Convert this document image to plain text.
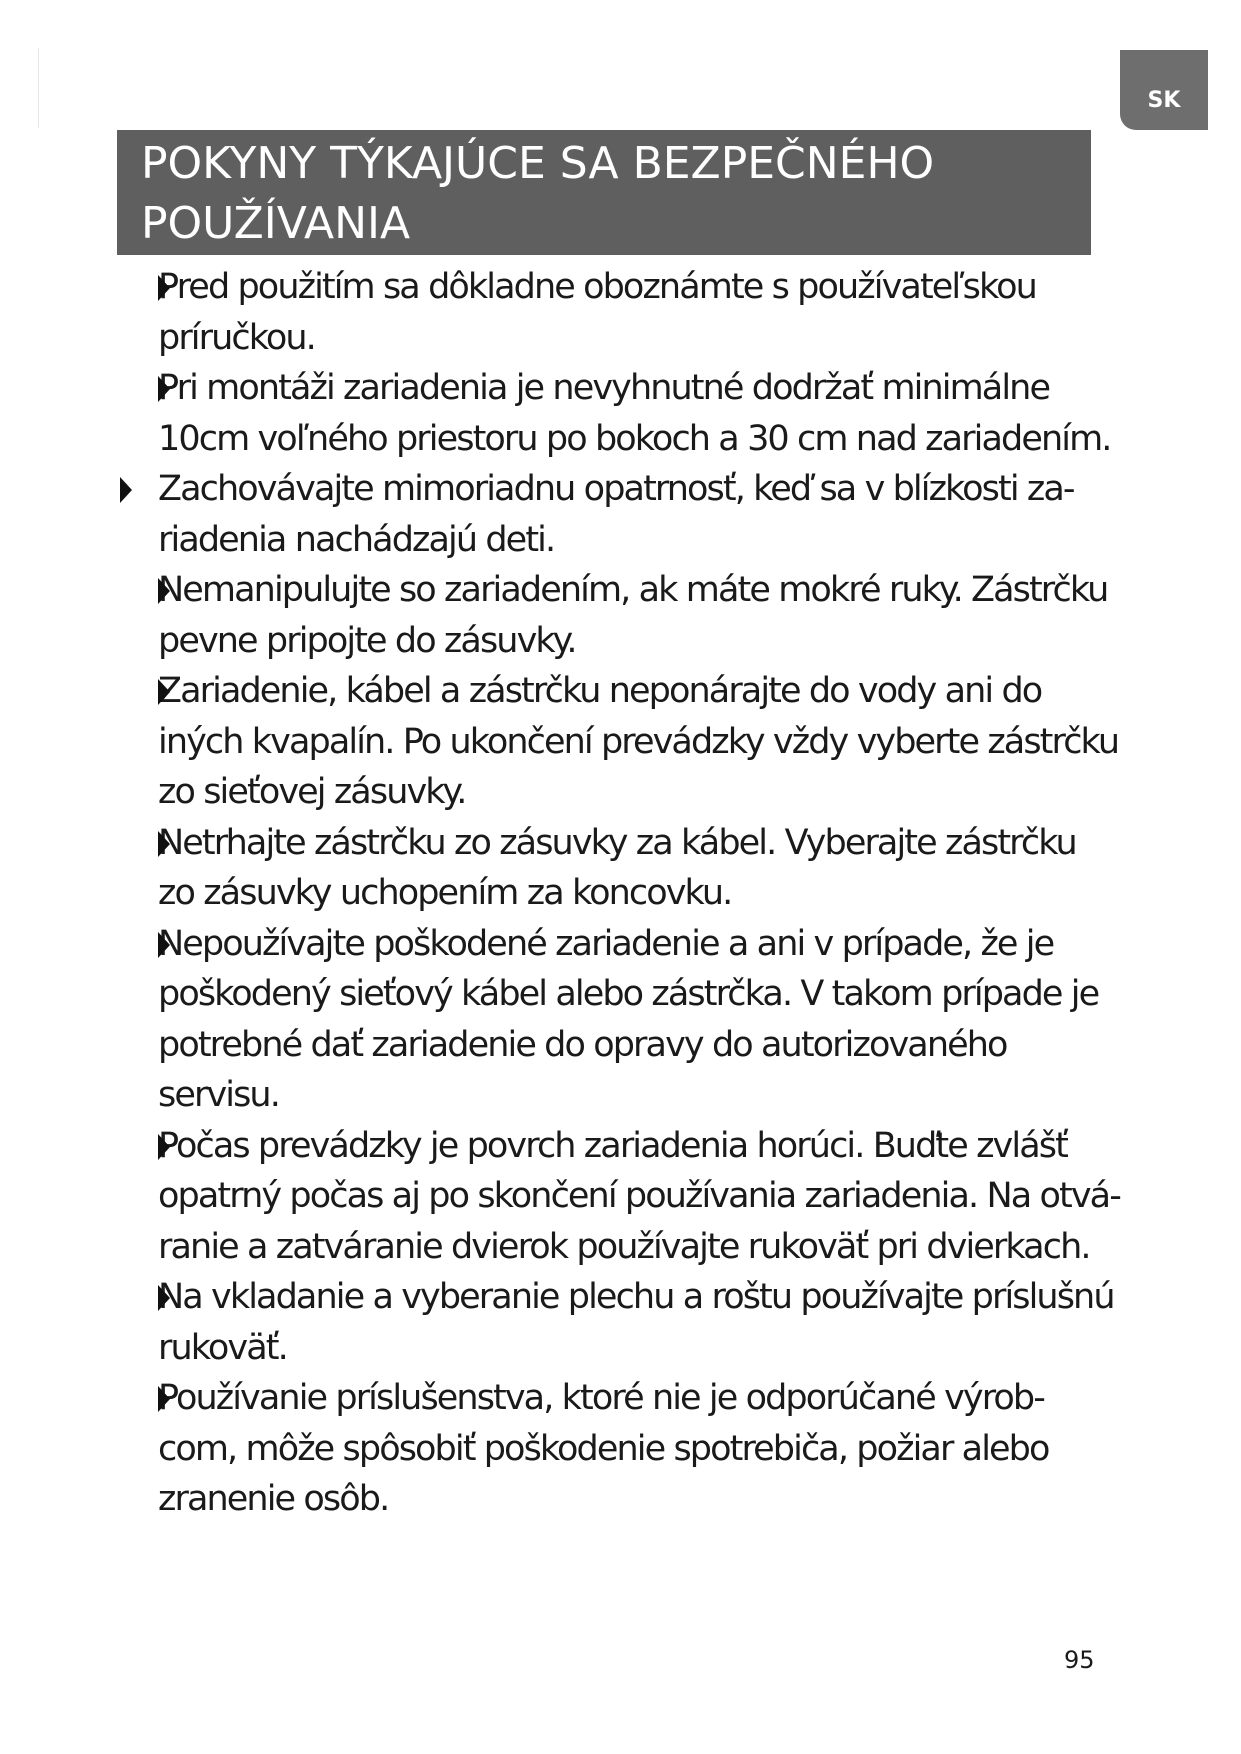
SK
POKYNY TÝKAJÚCE SA BEZPEČNÉHO
POUŽÍVANIA
Pred použitím sa dôkladne oboznámte s používateľskou príručkou.
Pri montáži zariadenia je nevyhnutné dodržať minimálne 10cm voľného priestoru po bokoch a 30 cm nad zariadením.
Zachovávajte mimoriadnu opatrnosť, keď sa v blízkosti za-riadenia nachádzajú deti.
Nemanipulujte so zariadením, ak máte mokré ruky. Zástrčku pevne pripojte do zásuvky.
Zariadenie, kábel a zástrčku neponárajte do vody ani do iných kvapalín. Po ukončení prevádzky vždy vyberte zástrčku zo sieťovej zásuvky.
Netrhajte zástrčku zo zásuvky za kábel. Vyberajte zástrčku zo zásuvky uchopením za koncovku.
Nepoužívajte poškodené zariadenie a ani v prípade, že je poškodený sieťový kábel alebo zástrčka. V takom prípade je potrebné dať zariadenie do opravy do autorizovaného servisu.
Počas prevádzky je povrch zariadenia horúci. Buďte zvlášť opatrný počas aj po skončení používania zariadenia. Na otvá-ranie a zatváranie dvierok používajte rukoväť pri dvierkach.
Na vkladanie a vyberanie plechu a roštu používajte príslušnú rukoväť.
Používanie príslušenstva, ktoré nie je odporúčané výrob-com, môže spôsobiť poškodenie spotrebiča, požiar alebo zranenie osôb.
95
